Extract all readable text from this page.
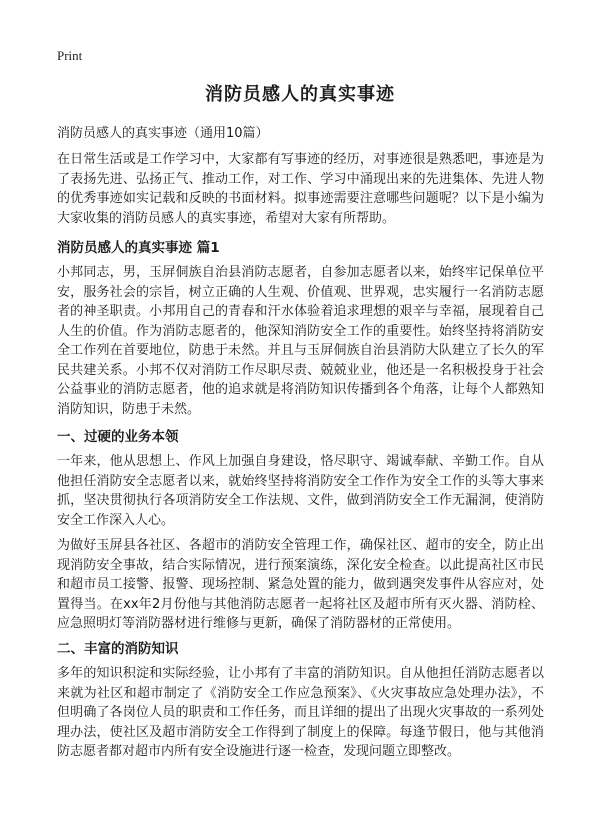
Print
消防员感人的真实事迹
消防员感人的真实事迹（通用10篇）

在日常生活或是工作学习中，大家都有写事迹的经历，对事迹很是熟悉吧，事迹是为了表扬先进、弘扬正气、推动工作，对工作、学习中涌现出来的先进集体、先进人物的优秀事迹如实记载和反映的书面材料。拟事迹需要注意哪些问题呢？以下是小编为大家收集的消防员感人的真实事迹，希望对大家有所帮助。

消防员感人的真实事迹 篇1

小邦同志，男，玉屏侗族自治县消防志愿者，自参加志愿者以来，始终牢记保单位平安，服务社会的宗旨，树立正确的人生观、价值观、世界观，忠实履行一名消防志愿者的神圣职责。小邦用自己的青春和汗水体验着追求理想的艰辛与幸福，展现着自己人生的价值。作为消防志愿者的，他深知消防安全工作的重要性。始终坚持将消防安全工作列在首要地位，防患于未然。并且与玉屏侗族自治县消防大队建立了长久的军民共建关系。小邦不仅对消防工作尽职尽责、兢兢业业，他还是一名积极投身于社会公益事业的消防志愿者，他的追求就是将消防知识传播到各个角落，让每个人都熟知消防知识，防患于未然。

一、过硬的业务本领

一年来，他从思想上、作风上加强自身建设，恪尽职守、竭诚奉献、辛勤工作。自从他担任消防安全志愿者以来，就始终坚持将消防安全工作作为安全工作的头等大事来抓，坚决贯彻执行各项消防安全工作法规、文件，做到消防安全工作无漏洞，使消防安全工作深入人心。

为做好玉屏县各社区、各超市的消防安全管理工作，确保社区、超市的安全，防止出现消防安全事故，结合实际情况，进行预案演练，深化安全检查。以此提高社区市民和超市员工接警、报警、现场控制、紧急处置的能力，做到遇突发事件从容应对，处置得当。在xx年2月份他与其他消防志愿者一起将社区及超市所有灭火器、消防栓、应急照明灯等消防器材进行维修与更新，确保了消防器材的正常使用。

二、丰富的消防知识

多年的知识积淀和实际经验，让小邦有了丰富的消防知识。自从他担任消防志愿者以来就为社区和超市制定了《消防安全工作应急预案》、《火灾事故应急处理办法》，不但明确了各岗位人员的职责和工作任务，而且详细的提出了出现火灾事故的一系列处理办法，使社区及超市消防安全工作得到了制度上的保障。每逢节假日，他与其他消防志愿者都对超市内所有安全设施进行逐一检查，发现问题立即整改。
